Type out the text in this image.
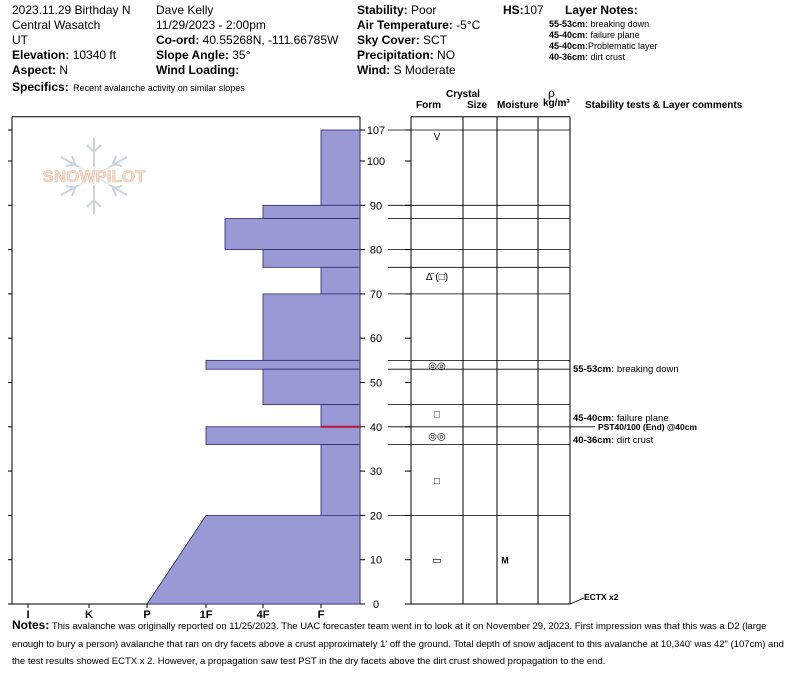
2023.11.29 Birthday N
Central Wasatch
UT
Elevation: 10340 ft
Aspect: N
Specifics: Recent avalanche activity on similar slopes
Dave Kelly
11/29/2023 - 2:00pm
Co-ord: 40.55268N, -111.66785W
Slope Angle: 35°
Wind Loading:
Stability: Poor
Air Temperature: -5°C
Sky Cover: SCT
Precipitation: NO
Wind: S Moderate
HS:107 Layer Notes:
55-53cm: breaking down
45-40cm: failure plane
45-40cm:Problematic layer
40-36cm: dirt crust
Crystal
Form	Size Moisture
ρ
kg/m³ Stability tests & Layer comments
SNOWPILOT
0
10
20
30
40
50
60
70
80
90
100
107
I	K	P	1F	4F	F
V
Δ̄ (□)
◎◎
□
◎◎
□
▭	M
55-53cm: breaking down
45-40cm: failure plane
40-36cm: dirt crust
PST40/100 (End) @40cm
ECTX x2
Notes: This avalanche was originally reported on 11/25/2023. The UAC forecaster team went in to look at it on November 29, 2023. First impression was that this was a D2 (large enough to bury a person) avalanche that ran on dry facets above a crust approximately 1' off the ground. Total depth of snow adjacent to this avalanche at 10,340' was 42" (107cm) and the test results showed ECTX x 2. However, a propagation saw test PST in the dry facets above the dirt crust showed propagation to the end.
